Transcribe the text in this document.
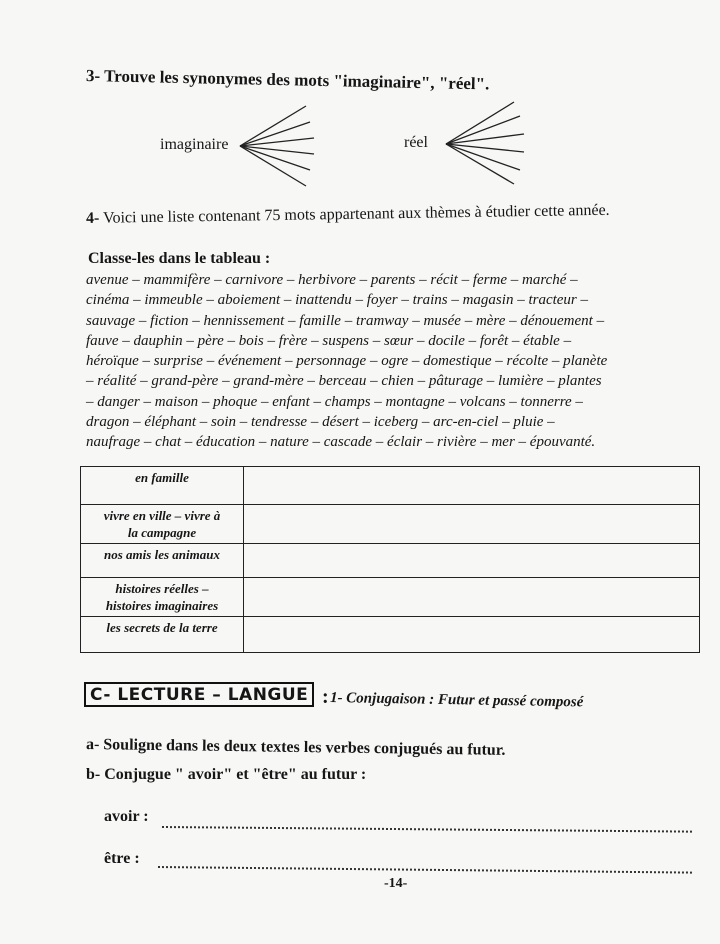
3- Trouve les synonymes des mots "imaginaire", "réel".
imaginaire	réel
4- Voici une liste contenant 75 mots appartenant aux thèmes à étudier cette année.
Classe-les dans le tableau :
avenue – mammifère – carnivore – herbivore – parents – récit – ferme – marché –
cinéma – immeuble – aboiement – inattendu – foyer – trains – magasin – tracteur –
sauvage – fiction – hennissement – famille – tramway – musée – mère – dénouement –
fauve – dauphin – père – bois – frère – suspens – sœur – docile – forêt – étable –
héroïque – surprise – événement – personnage – ogre – domestique – récolte – planète
– réalité – grand-père – grand-mère – berceau – chien – pâturage – lumière – plantes
– danger – maison – phoque – enfant – champs – montagne – volcans – tonnerre –
dragon – éléphant – soin – tendresse – désert – iceberg – arc-en-ciel – pluie –
naufrage – chat – éducation – nature – cascade – éclair – rivière – mer – épouvanté.
en famille	

vivre en ville – vivre à
la campagne	

nos amis les animaux	

histoires réelles –
histoires imaginaires	

les secrets de la terre	

C- LECTURE – LANGUE : 1- Conjugaison : Futur et passé composé
a- Souligne dans les deux textes les verbes conjugués au futur.
b- Conjugue " avoir" et "être" au futur :
avoir :
être :
-14-
